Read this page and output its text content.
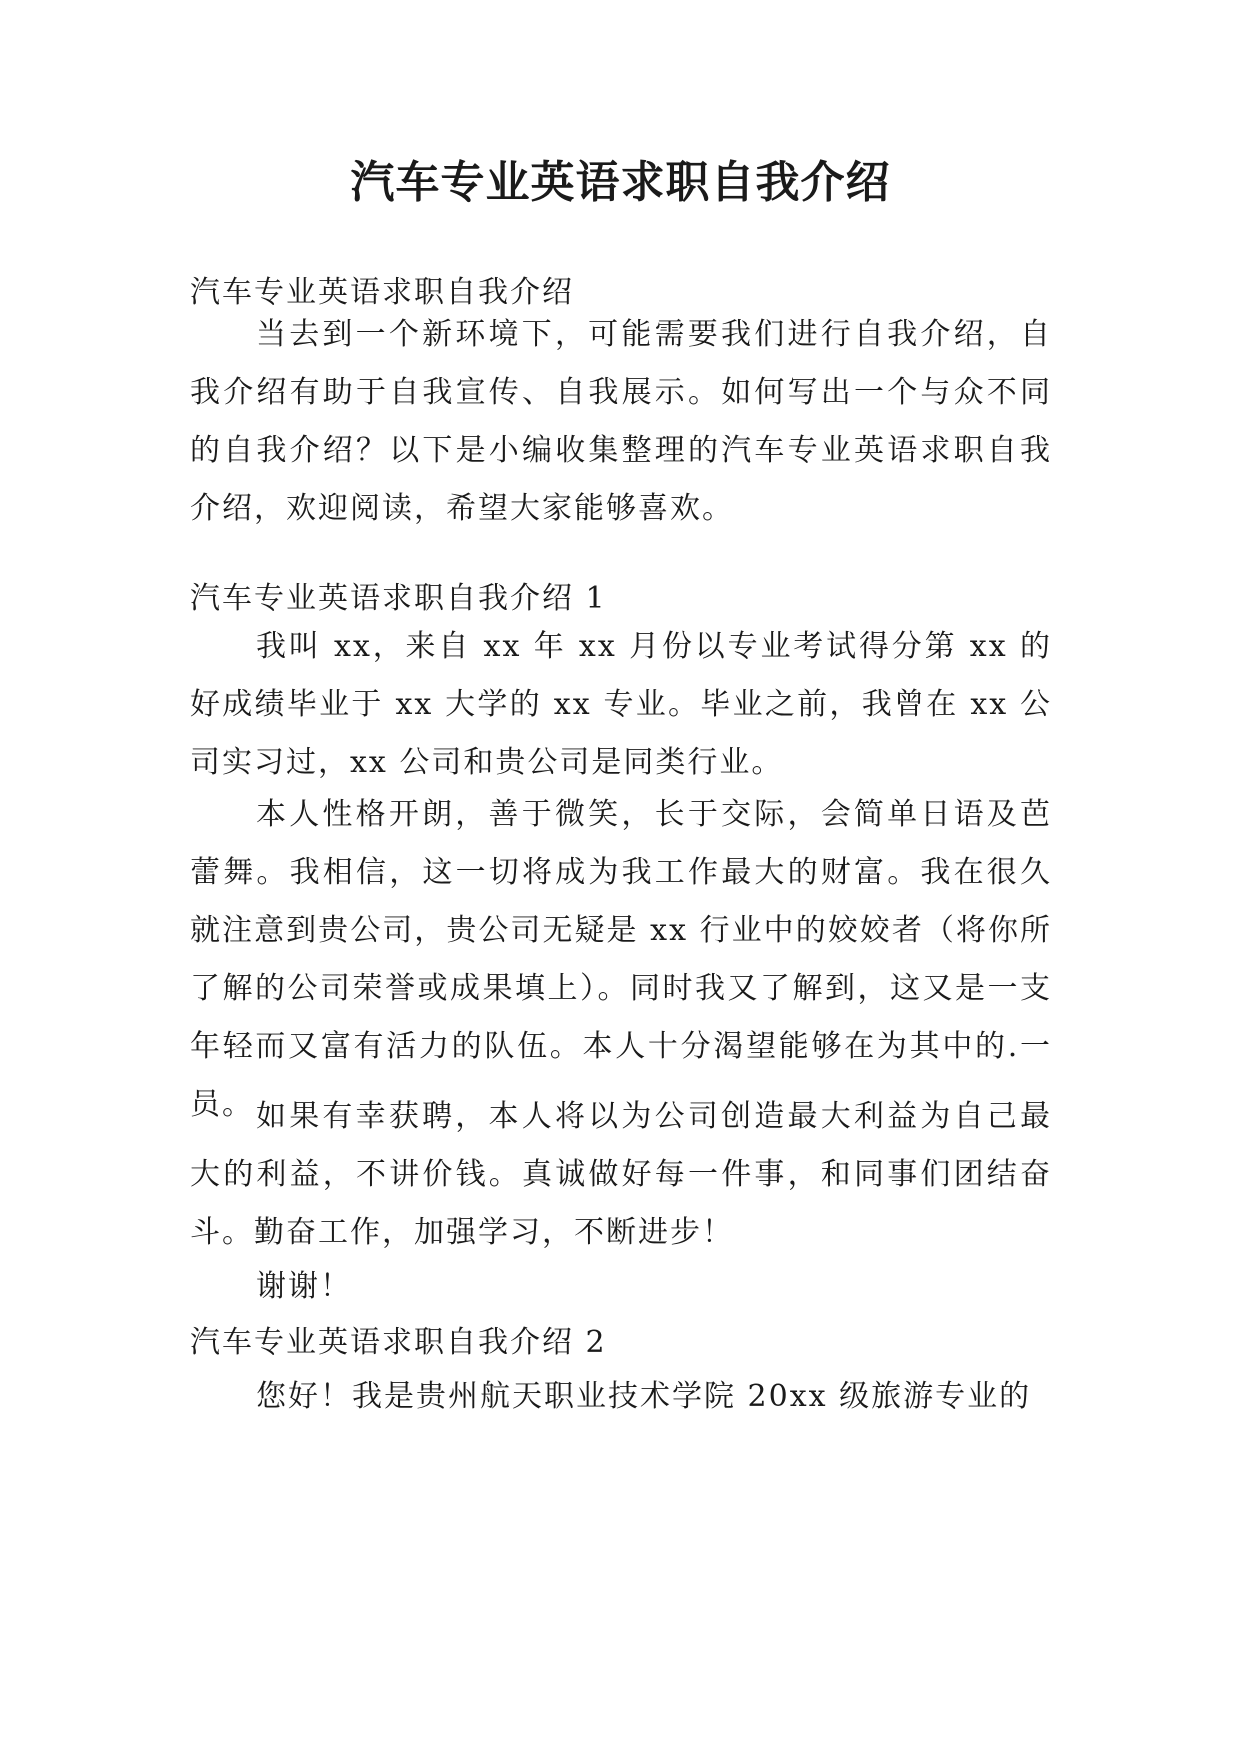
汽车专业英语求职自我介绍
汽车专业英语求职自我介绍
当去到一个新环境下，可能需要我们进行自我介绍，自我介绍有助于自我宣传、自我展示。如何写出一个与众不同的自我介绍？以下是小编收集整理的汽车专业英语求职自我介绍，欢迎阅读，希望大家能够喜欢。
汽车专业英语求职自我介绍 1
我叫 xx，来自 xx 年 xx 月份以专业考试得分第 xx 的好成绩毕业于 xx 大学的 xx 专业。毕业之前，我曾在 xx 公司实习过，xx 公司和贵公司是同类行业。
本人性格开朗，善于微笑，长于交际，会简单日语及芭蕾舞。我相信，这一切将成为我工作最大的财富。我在很久就注意到贵公司，贵公司无疑是 xx 行业中的姣姣者（将你所了解的公司荣誉或成果填上）。同时我又了解到，这又是一支年轻而又富有活力的队伍。本人十分渴望能够在为其中的.一员。 如果有幸获聘，本人将以为公司创造最大利益为自己最大的利益，不讲价钱。真诚做好每一件事，和同事们团结奋斗。勤奋工作，加强学习，不断进步！
谢谢！
汽车专业英语求职自我介绍 2
您好！我是贵州航天职业技术学院 20xx 级旅游专业的
